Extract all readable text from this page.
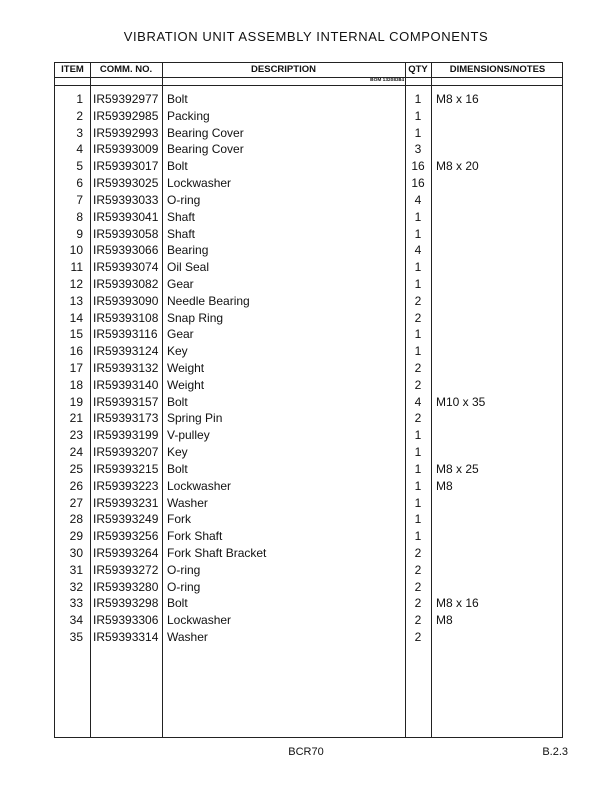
VIBRATION UNIT ASSEMBLY INTERNAL COMPONENTS
ITEM	COMM. NO.	DESCRIPTION	QTY	DIMENSIONS/NOTES
BOM 13208384
1 IR59392977 Bolt	1	M8 x 16
2 IR59392985 Packing	1
3 IR59392993 Bearing Cover	1
4 IR59393009 Bearing Cover	3
5 IR59393017 Bolt	16 M8 x 20
6 IR59393025 Lockwasher	16
7 IR59393033 O-ring	4
8 IR59393041 Shaft	1
9 IR59393058 Shaft	1
10 IR59393066 Bearing	4
11 IR59393074 Oil Seal	1
12 IR59393082 Gear	1
13 IR59393090 Needle Bearing	2
14 IR59393108 Snap Ring	2
15 IR59393116 Gear	1
16 IR59393124 Key	1
17 IR59393132 Weight	2
18 IR59393140 Weight	2
19 IR59393157 Bolt	4	M10 x 35
21 IR59393173 Spring Pin	2
23 IR59393199 V-pulley	1
24 IR59393207 Key	1
25 IR59393215 Bolt	1	M8 x 25
26 IR59393223 Lockwasher	1	M8
27 IR59393231 Washer	1
28 IR59393249 Fork	1
29 IR59393256 Fork Shaft	1
30 IR59393264 Fork Shaft Bracket	2
31 IR59393272 O-ring	2
32 IR59393280 O-ring	2
33 IR59393298 Bolt	2	M8 x 16
34 IR59393306 Lockwasher	2	M8
35 IR59393314 Washer	2
BCR70	B.2.3
